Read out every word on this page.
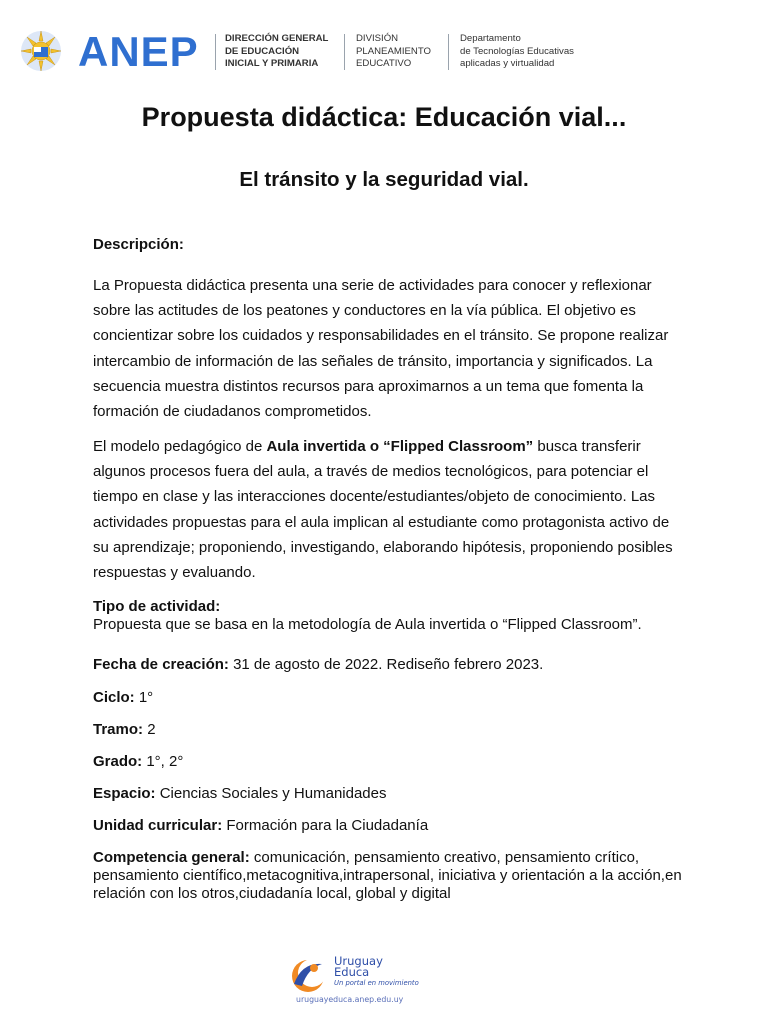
ANEP	DIRECCIÓN GENERAL
DE EDUCACIÓN
INICIAL Y PRIMARIA
DIVISIÓN
PLANEAMIENTO
EDUCATIVO
Departamento
de Tecnologías Educativas
aplicadas y virtualidad
Propuesta didáctica: Educación vial...
El tránsito y la seguridad vial.
Descripción:

La Propuesta didáctica presenta una serie de actividades para conocer y reflexionar sobre las actitudes de los peatones y conductores en la vía pública. El objetivo es concientizar sobre los cuidados y responsabilidades en el tránsito. Se propone realizar intercambio de información de las señales de tránsito, importancia y significados. La secuencia muestra distintos recursos para aproximarnos a un tema que fomenta la formación de ciudadanos comprometidos.

El modelo pedagógico de Aula invertida o “Flipped Classroom” busca transferir algunos procesos fuera del aula, a través de medios tecnológicos, para potenciar el tiempo en clase y las interacciones docente/estudiantes/objeto de conocimiento. Las actividades propuestas para el aula implican al estudiante como protagonista activo de su aprendizaje; proponiendo, investigando, elaborando hipótesis, proponiendo posibles respuestas y evaluando.

Tipo de actividad:
Propuesta que se basa en la metodología de Aula invertida o “Flipped Classroom”.
Fecha de creación: 31 de agosto de 2022. Rediseño febrero 2023.
Ciclo: 1°
Tramo: 2
Grado: 1°, 2°
Espacio: Ciencias Sociales y Humanidades
Unidad curricular: Formación para la Ciudadanía
Competencia general: comunicación, pensamiento creativo, pensamiento crítico, pensamiento científico,metacognitiva,intrapersonal, iniciativa y orientación a la acción,en relación con los otros,ciudadanía local, global y digital
Uruguay
Educa
Un portal en movimiento
uruguayeduca.anep.edu.uy
